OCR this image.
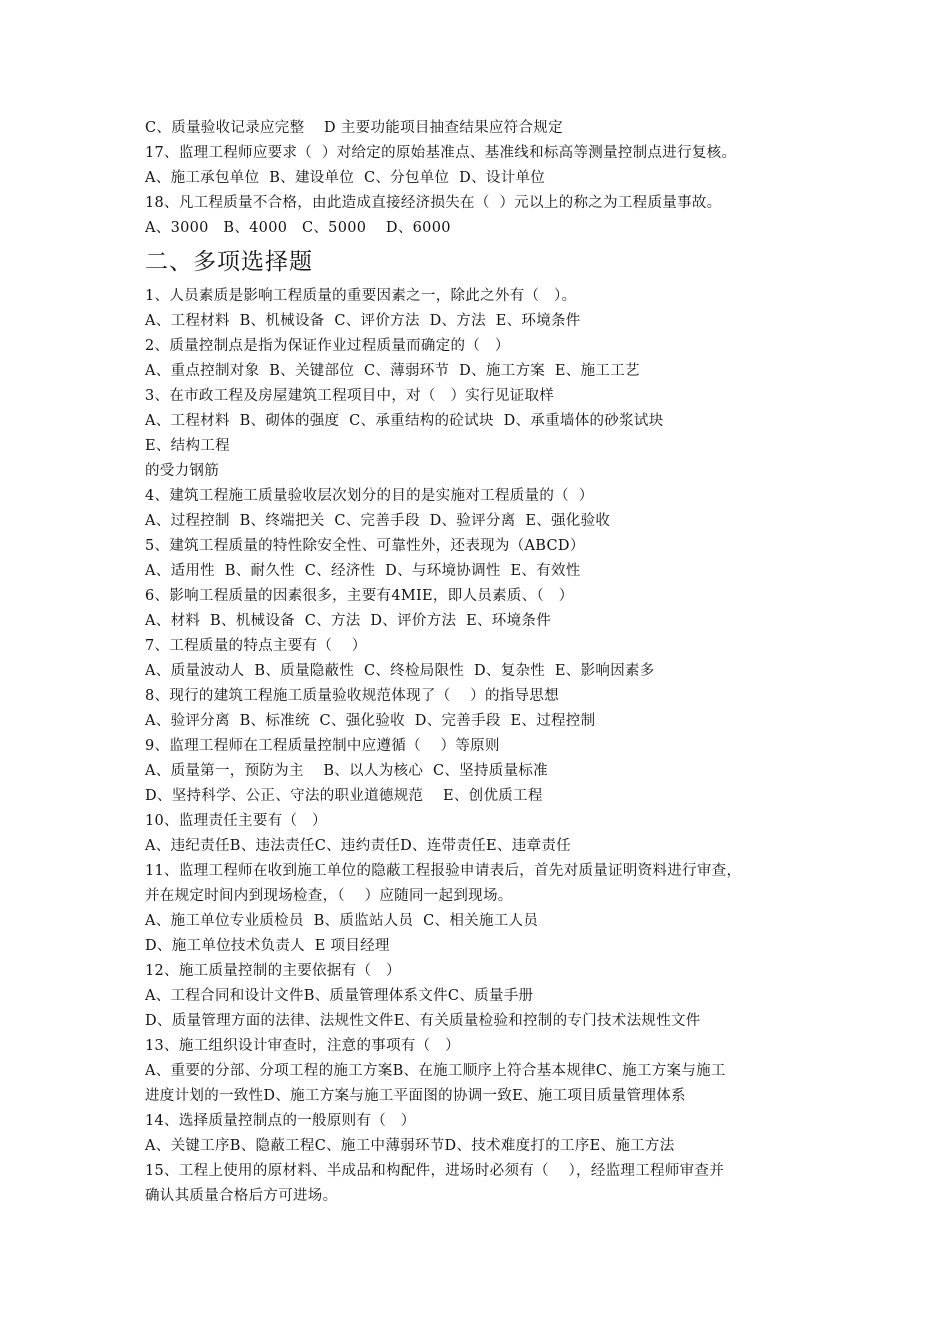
C、质量验收记录应完整    D 主要功能项目抽查结果应符合规定
17、监理工程师应要求（  ）对给定的原始基准点、基准线和标高等测量控制点进行复核。
A、施工承包单位  B、建设单位  C、分包单位  D、设计单位
18、凡工程质量不合格，由此造成直接经济损失在（  ）元以上的称之为工程质量事故。
A、3000   B、4000   C、5000    D、6000
二、多项选择题
1、人员素质是影响工程质量的重要因素之一，除此之外有（   ）。
A、工程材料  B、机械设备  C、评价方法  D、方法  E、环境条件
2、质量控制点是指为保证作业过程质量而确定的（   ）
A、重点控制对象  B、关键部位  C、薄弱环节  D、施工方案  E、施工工艺
3、在市政工程及房屋建筑工程项目中，对（   ）实行见证取样
A、工程材料  B、砌体的强度  C、承重结构的砼试块  D、承重墙体的砂浆试块
E、结构工程
的受力钢筋
4、建筑工程施工质量验收层次划分的目的是实施对工程质量的（  ）
A、过程控制  B、终端把关  C、完善手段  D、验评分离  E、强化验收
5、建筑工程质量的特性除安全性、可靠性外，还表现为（ABCD）
A、适用性  B、耐久性  C、经济性  D、与环境协调性  E、有效性
6、影响工程质量的因素很多，主要有4MIE，即人员素质、（   ）
A、材料  B、机械设备  C、方法  D、评价方法  E、环境条件
7、工程质量的特点主要有（    ）
A、质量波动人  B、质量隐蔽性  C、终检局限性  D、复杂性  E、影响因素多
8、现行的建筑工程施工质量验收规范体现了（    ）的指导思想
A、验评分离  B、标准统  C、强化验收  D、完善手段  E、过程控制
9、监理工程师在工程质量控制中应遵循（    ）等原则
A、质量第一，预防为主    B、以人为核心  C、坚持质量标准
D、坚持科学、公正、守法的职业道德规范    E、创优质工程
10、监理责任主要有（   ）
A、违纪责任B、违法责任C、违约责任D、连带责任E、违章责任
11、监理工程师在收到施工单位的隐蔽工程报验申请表后，首先对质量证明资料进行审查，
并在规定时间内到现场检查，（    ）应随同一起到现场。
A、施工单位专业质检员  B、质监站人员  C、相关施工人员
D、施工单位技术负责人  E 项目经理
12、施工质量控制的主要依据有（   ）
A、工程合同和设计文件B、质量管理体系文件C、质量手册
D、质量管理方面的法律、法规性文件E、有关质量检验和控制的专门技术法规性文件
13、施工组织设计审查时，注意的事项有（   ）
A、重要的分部、分项工程的施工方案B、在施工顺序上符合基本规律C、施工方案与施工
进度计划的一致性D、施工方案与施工平面图的协调一致E、施工项目质量管理体系
14、选择质量控制点的一般原则有（   ）
A、关键工序B、隐蔽工程C、施工中薄弱环节D、技术难度打的工序E、施工方法
15、工程上使用的原材料、半成品和构配件，进场时必须有（    ），经监理工程师审查并
确认其质量合格后方可进场。
